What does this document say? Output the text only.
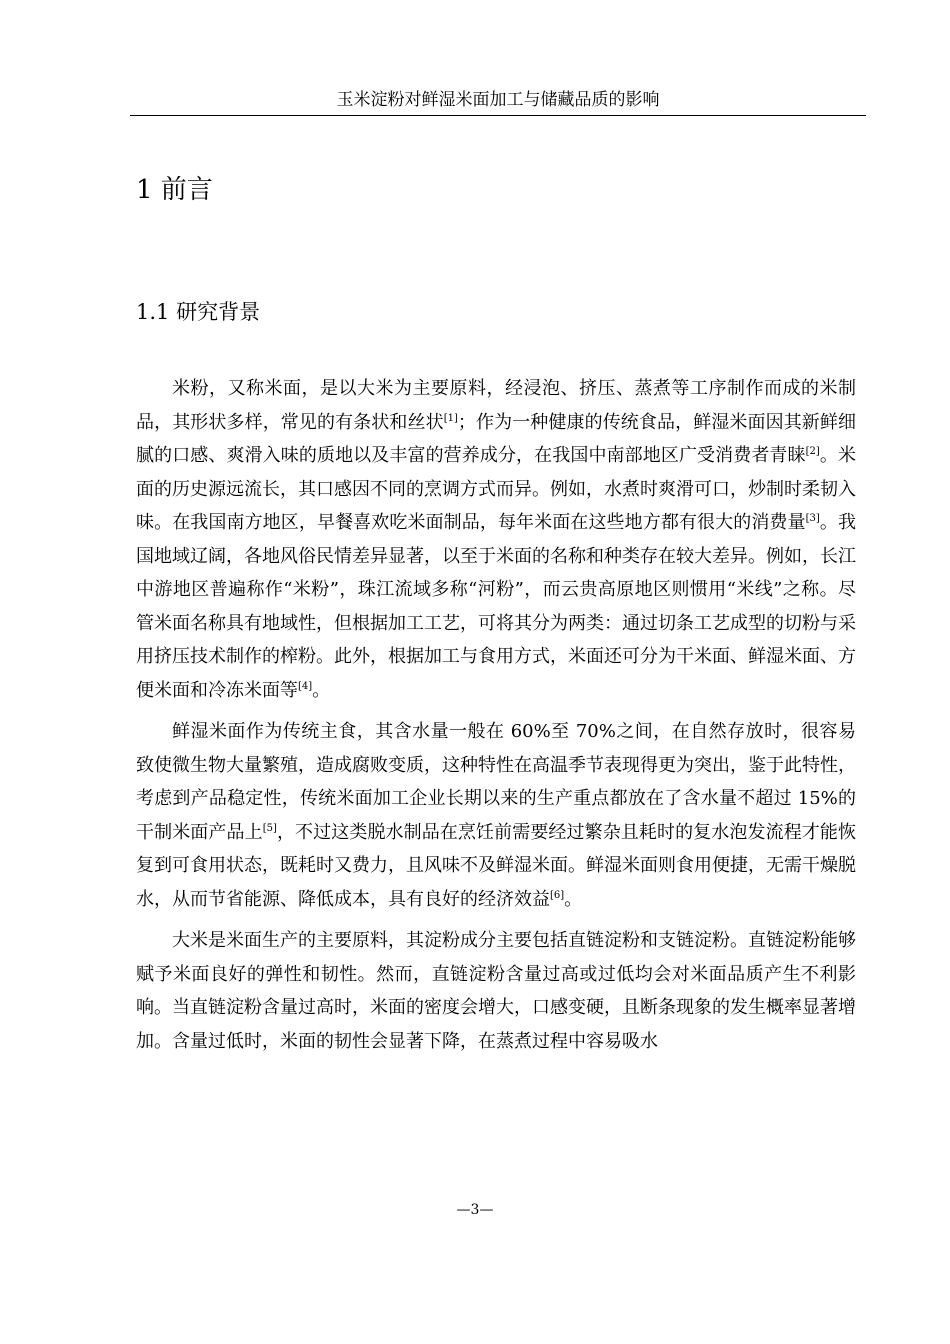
玉米淀粉对鲜湿米面加工与储藏品质的影响
1 前言
1.1 研究背景

米粉，又称米面，是以大米为主要原料，经浸泡、挤压、蒸煮等工序制作而成的米制品，其形状多样，常见的有条状和丝状[1]；作为一种健康的传统食品，鲜湿米面因其新鲜细腻的口感、爽滑入味的质地以及丰富的营养成分，在我国中南部地区广受消费者青睐[2]。米面的历史源远流长，其口感因不同的烹调方式而异。例如，水煮时爽滑可口，炒制时柔韧入味。在我国南方地区，早餐喜欢吃米面制品，每年米面在这些地方都有很大的消费量[3]。我国地域辽阔，各地风俗民情差异显著，以至于米面的名称和种类存在较大差异。例如，长江中游地区普遍称作“米粉”，珠江流域多称“河粉”，而云贵高原地区则惯用“米线”之称。尽管米面名称具有地域性，但根据加工工艺，可将其分为两类：通过切条工艺成型的切粉与采用挤压技术制作的榨粉。此外，根据加工与食用方式，米面还可分为干米面、鲜湿米面、方便米面和冷冻米面等[4]。

鲜湿米面作为传统主食，其含水量一般在 60%至 70%之间，在自然存放时，很容易致使微生物大量繁殖，造成腐败变质，这种特性在高温季节表现得更为突出，鉴于此特性，考虑到产品稳定性，传统米面加工企业长期以来的生产重点都放在了含水量不超过 15%的干制米面产品上[5]，不过这类脱水制品在烹饪前需要经过繁杂且耗时的复水泡发流程才能恢复到可食用状态，既耗时又费力，且风味不及鲜湿米面。鲜湿米面则食用便捷，无需干燥脱水，从而节省能源、降低成本，具有良好的经济效益[6]。

大米是米面生产的主要原料，其淀粉成分主要包括直链淀粉和支链淀粉。直链淀粉能够赋予米面良好的弹性和韧性。然而，直链淀粉含量过高或过低均会对米面品质产生不利影响。当直链淀粉含量过高时，米面的密度会增大，口感变硬，且断条现象的发生概率显著增加。含量过低时，米面的韧性会显著下降，在蒸煮过程中容易吸水

—3—
